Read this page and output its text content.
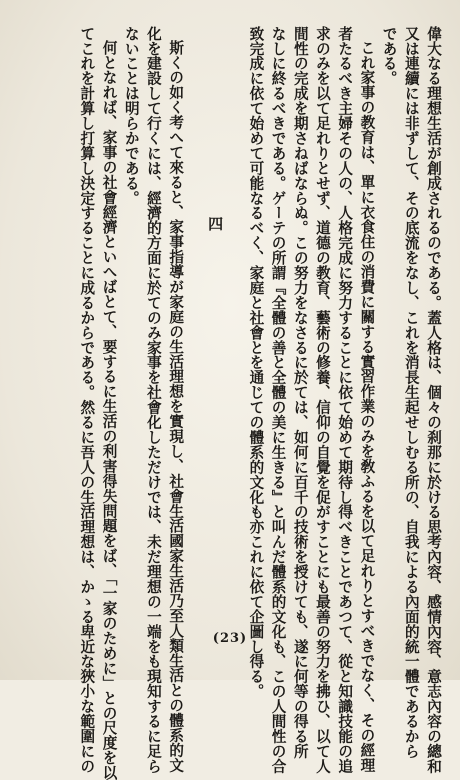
偉大なる理想生活が創成されるのである。蓋人格は、個々の刹那に於ける思考內容、感情內容、意志內容の總和
又は連續には非ずして、その底流をなし、これを消長生起せしむる所の、自我による內面的統一體であるから
である。
これ家事の教育は、單に衣食住の消費に關する實習作業のみを敎ふるを以て足れりとすべきでなく、その經理
者たるべき主婦その人の、人格完成に努力することに依て始めて期待し得べきことであつて、從と知識技能の追
求のみを以て足れりとせず、道德の教育、藝術の修養、信仰の自覺を促がすことにも最善の努力を拂ひ、以て人
間性の完成を期さねばならぬ。この努力をなさるに於ては、如何に百千の技術を授けても、遂に何等の得る所
なしに終るべきである。ゲーテの所謂『全體の善と全體の美に生きる』と叫んだ體系的文化も、この人間性の合
致完成に依て始めて可能なるべく、家庭と社會とを通じての體系的文化も亦これに依て企圖し得る。
四
斯くの如く考へて來ると、家事指導が家庭の生活理想を實現し、社會生活國家生活乃至人類生活との體系的文
化を建設して行くには、經濟的方面に於てのみ家事を社會化しただけでは、未だ理想の一端をも現知するに足ら
ないことは明らかである。
何となれば、家事の社會經濟といへばとて、要するに生活の利害得失問題をば、「一家のために」との尺度を以
てこれを計算し打算し決定することに成るからである。然るに吾人の生活理想は、かゝる卑近な狹小な範圍にの	(23)
